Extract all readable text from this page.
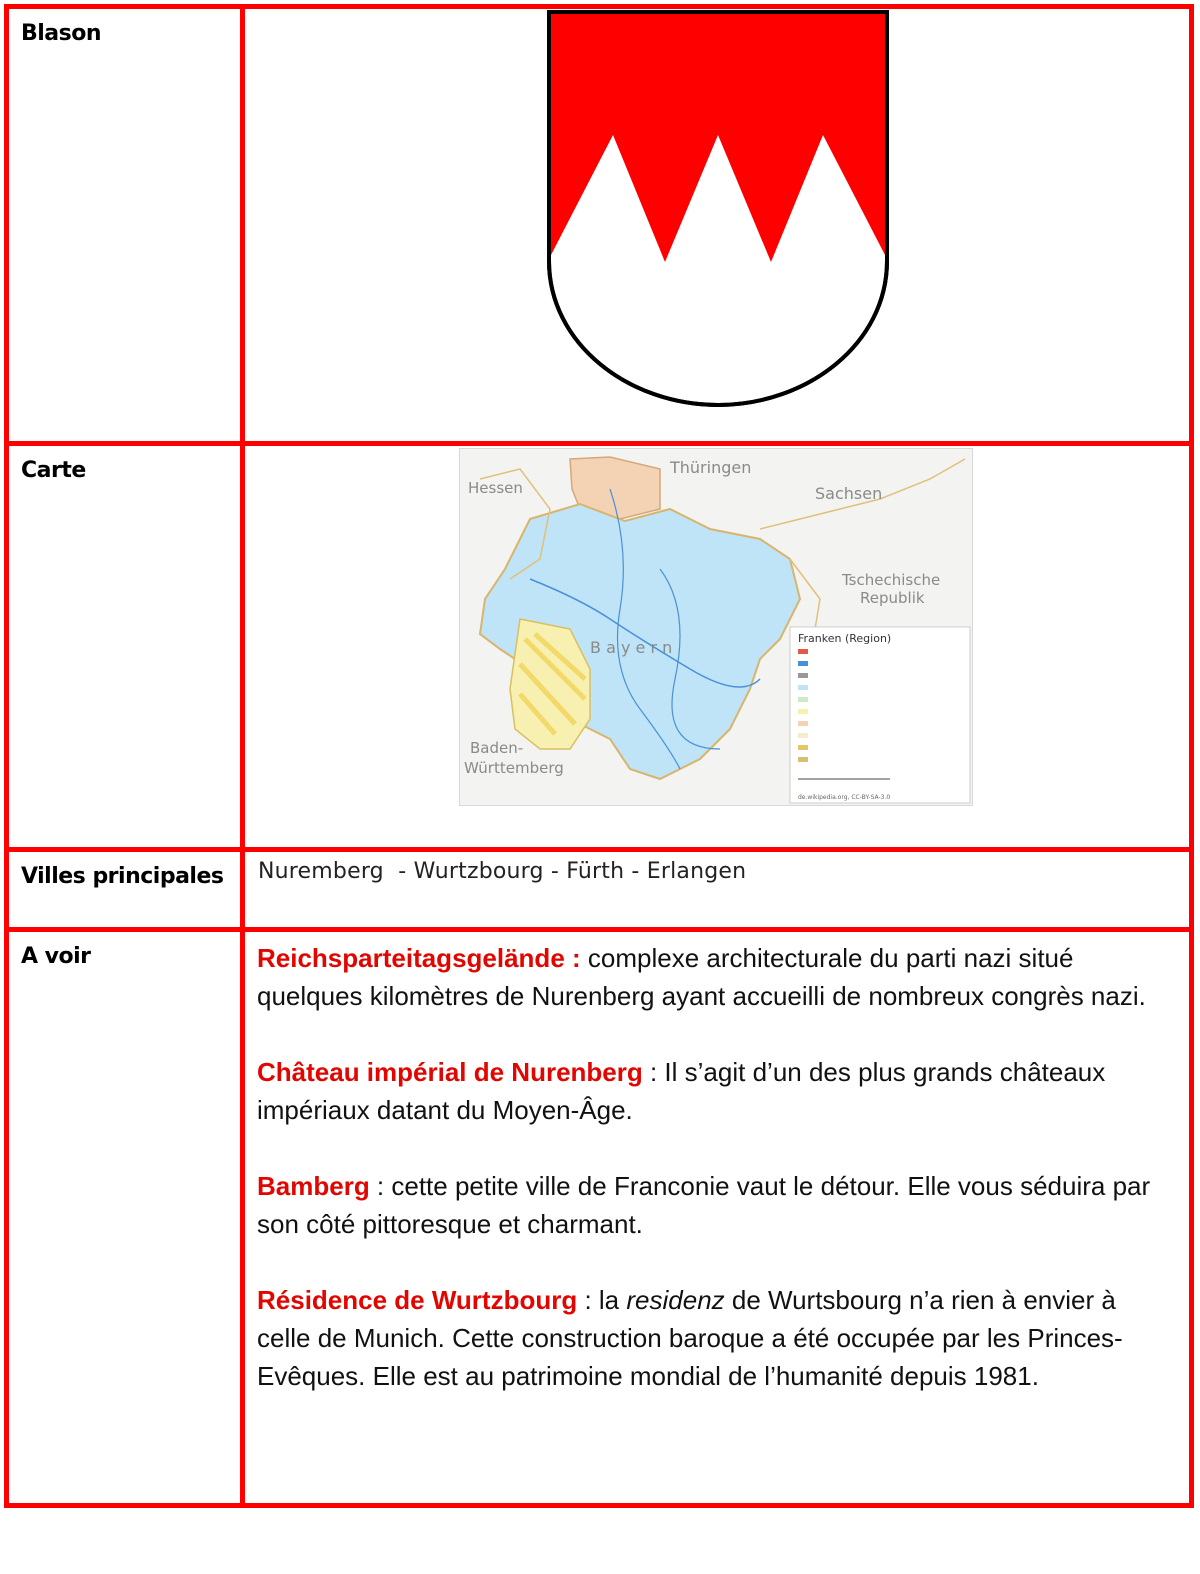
Blason
Carte	Thüringen
Sachsen
Hessen
Tschechische
Republik
Baden-
Württemberg
B a y e r n	Franken (Region)
de.wikipedia.org, CC-BY-SA-3.0
Villes principales	Nuremberg  - Wurtzbourg - Fürth - Erlangen
A voir	Reichsparteitagsgelände : complexe architecturale du parti nazi situé quelques kilomètres de Nurenberg ayant accueilli de nombreux congrès nazi.

Château impérial de Nurenberg : Il s’agit d’un des plus grands châteaux impériaux datant du Moyen-Âge.

Bamberg : cette petite ville de Franconie vaut le détour. Elle vous séduira par son côté pittoresque et charmant.

Résidence de Wurtzbourg : la residenz de Wurtsbourg n’a rien à envier à celle de Munich. Cette construction baroque a été occupée par les Princes-Evêques. Elle est au patrimoine mondial de l’humanité depuis 1981.
